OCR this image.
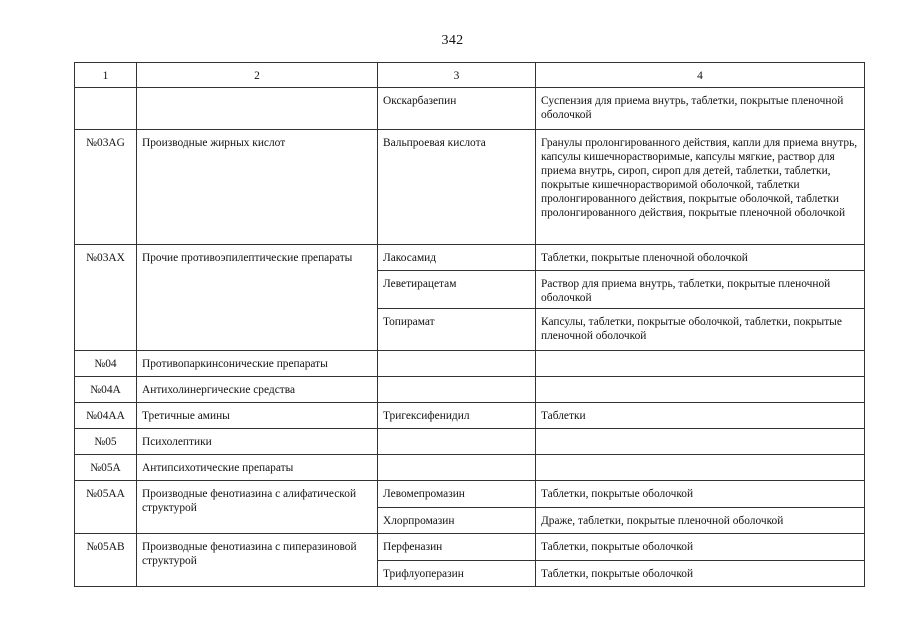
342
1	2	3	4
		Окскарбазепин	Суспензия для приема внутрь, таблетки, покрытые пленочной оболочкой
№03AG	Производные жирных кислот	Вальпроевая кислота	Гранулы пролонгированного действия, капли для приема внутрь, капсулы кишечнорастворимые, капсулы мягкие, раствор для приема внутрь, сироп, сироп для детей, таблетки, таблетки, покрытые кишечнорастворимой оболочкой, таблетки пролонгированного действия, покрытые оболочкой, таблетки пролонгированного действия, покрытые пленочной оболочкой
№03AX	Прочие противоэпилептические препараты	Лакосамид	Таблетки, покрытые пленочной оболочкой
		Леветирацетам	Раствор для приема внутрь, таблетки, покрытые пленочной оболочкой
		Топирамат	Капсулы, таблетки, покрытые оболочкой, таблетки, покрытые пленочной оболочкой
№04	Противопаркинсонические препараты		
№04A	Антихолинергические средства		
№04AA	Третичные амины	Тригексифенидил	Таблетки
№05	Психолептики		
№05A	Антипсихотические препараты		
№05AA	Производные фенотиазина с алифатической структурой	Левомепромазин	Таблетки, покрытые оболочкой
		Хлорпромазин	Драже, таблетки, покрытые пленочной оболочкой
№05AB	Производные фенотиазина с пиперазиновой структурой	Перфеназин	Таблетки, покрытые оболочкой
		Трифлуоперазин	Таблетки, покрытые оболочкой
